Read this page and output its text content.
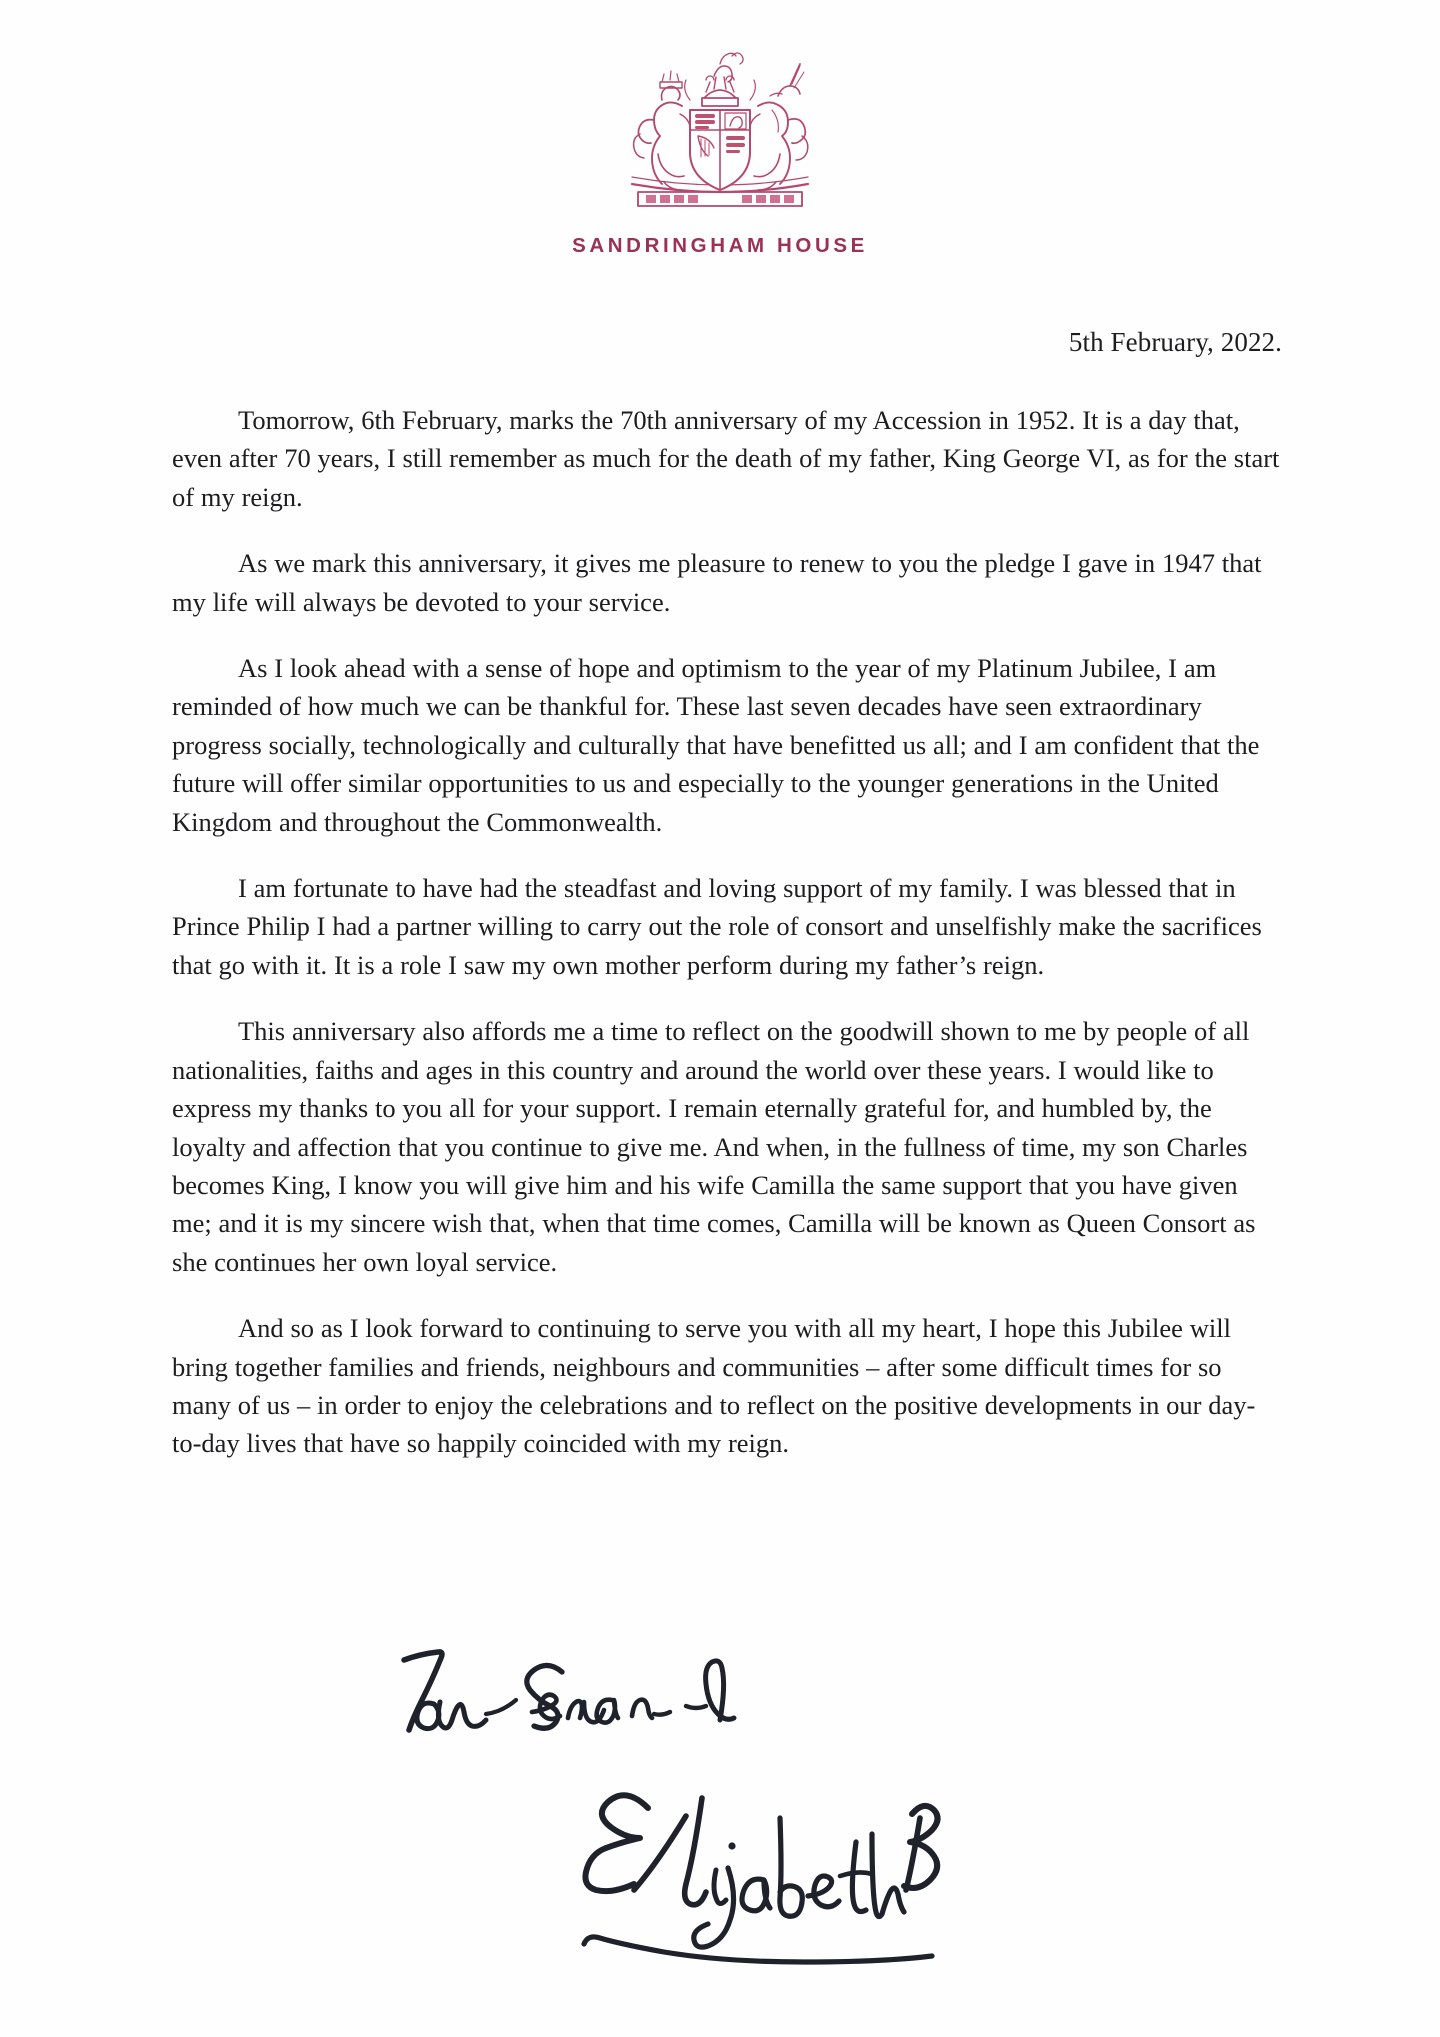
SANDRINGHAM HOUSE
5th February, 2022.

Tomorrow, 6th February, marks the 70th anniversary of my Accession in 1952. It is a day that, even after 70 years, I still remember as much for the death of my father, King George VI, as for the start of my reign.

As we mark this anniversary, it gives me pleasure to renew to you the pledge I gave in 1947 that my life will always be devoted to your service.

As I look ahead with a sense of hope and optimism to the year of my Platinum Jubilee, I am reminded of how much we can be thankful for. These last seven decades have seen extraordinary progress socially, technologically and culturally that have benefitted us all; and I am confident that the future will offer similar opportunities to us and especially to the younger generations in the United Kingdom and throughout the Commonwealth.

I am fortunate to have had the steadfast and loving support of my family. I was blessed that in Prince Philip I had a partner willing to carry out the role of consort and unselfishly make the sacrifices that go with it. It is a role I saw my own mother perform during my father’s reign.

This anniversary also affords me a time to reflect on the goodwill shown to me by people of all nationalities, faiths and ages in this country and around the world over these years. I would like to express my thanks to you all for your support. I remain eternally grateful for, and humbled by, the loyalty and affection that you continue to give me. And when, in the fullness of time, my son Charles becomes King, I know you will give him and his wife Camilla the same support that you have given me; and it is my sincere wish that, when that time comes, Camilla will be known as Queen Consort as she continues her own loyal service.

And so as I look forward to continuing to serve you with all my heart, I hope this Jubilee will bring together families and friends, neighbours and communities – after some difficult times for so many of us – in order to enjoy the celebrations and to reflect on the positive developments in our day-to-day lives that have so happily coincided with my reign.
